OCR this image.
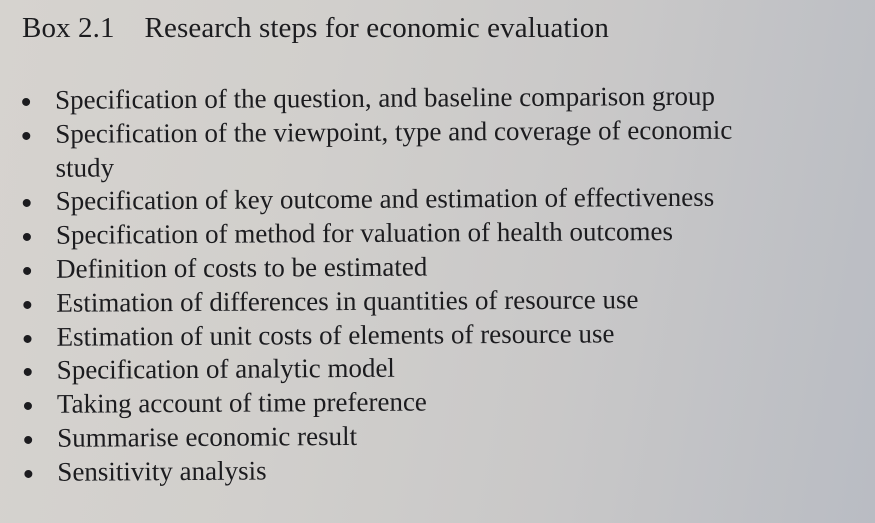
Box 2.1 Research steps for economic evaluation
Specification of the question, and baseline comparison group
Specification of the viewpoint, type and coverage of economic
study
Specification of key outcome and estimation of effectiveness
Specification of method for valuation of health outcomes
Definition of costs to be estimated
Estimation of differences in quantities of resource use
Estimation of unit costs of elements of resource use
Specification of analytic model
Taking account of time preference
Summarise economic result
Sensitivity analysis
